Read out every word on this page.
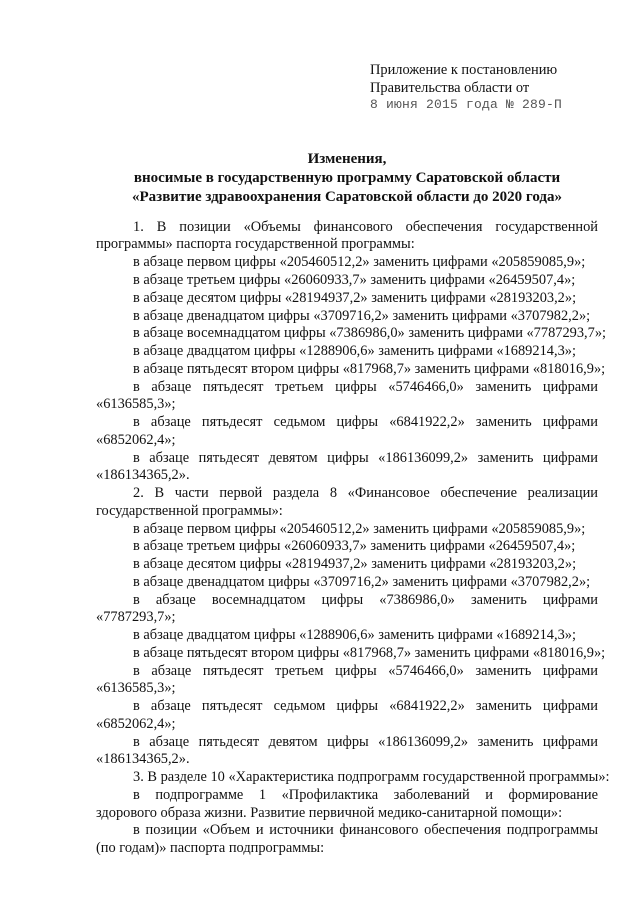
Приложение к постановлению
Правительства области от
8 июня 2015 года № 289-П
Изменения,
вносимые в государственную программу Саратовской области
«Развитие здравоохранения Саратовской области до 2020 года»
1. В позиции «Объемы финансового обеспечения государственной
программы» паспорта государственной программы:
в абзаце первом цифры «205460512,2» заменить цифрами «205859085,9»;
в абзаце третьем цифры «26060933,7» заменить цифрами «26459507,4»;
в абзаце десятом цифры «28194937,2» заменить цифрами «28193203,2»;
в абзаце двенадцатом цифры «3709716,2» заменить цифрами «3707982,2»;
в абзаце восемнадцатом цифры «7386986,0» заменить цифрами «7787293,7»;
в абзаце двадцатом цифры «1288906,6» заменить цифрами «1689214,3»;
в абзаце пятьдесят втором цифры «817968,7» заменить цифрами «818016,9»;
в абзаце пятьдесят третьем цифры «5746466,0» заменить цифрами
«6136585,3»;
в абзаце пятьдесят седьмом цифры «6841922,2» заменить цифрами
«6852062,4»;
в абзаце пятьдесят девятом цифры «186136099,2» заменить цифрами
«186134365,2».
2. В части первой раздела 8 «Финансовое обеспечение реализации
государственной программы»:
в абзаце первом цифры «205460512,2» заменить цифрами «205859085,9»;
в абзаце третьем цифры «26060933,7» заменить цифрами «26459507,4»;
в абзаце десятом цифры «28194937,2» заменить цифрами «28193203,2»;
в абзаце двенадцатом цифры «3709716,2» заменить цифрами «3707982,2»;
в абзаце восемнадцатом цифры «7386986,0» заменить цифрами
«7787293,7»;
в абзаце двадцатом цифры «1288906,6» заменить цифрами «1689214,3»;
в абзаце пятьдесят втором цифры «817968,7» заменить цифрами «818016,9»;
в абзаце пятьдесят третьем цифры «5746466,0» заменить цифрами
«6136585,3»;
в абзаце пятьдесят седьмом цифры «6841922,2» заменить цифрами
«6852062,4»;
в абзаце пятьдесят девятом цифры «186136099,2» заменить цифрами
«186134365,2».
3. В разделе 10 «Характеристика подпрограмм государственной программы»:
в подпрограмме 1 «Профилактика заболеваний и формирование
здорового образа жизни. Развитие первичной медико-санитарной помощи»:
в позиции «Объем и источники финансового обеспечения подпрограммы
(по годам)» паспорта подпрограммы:
